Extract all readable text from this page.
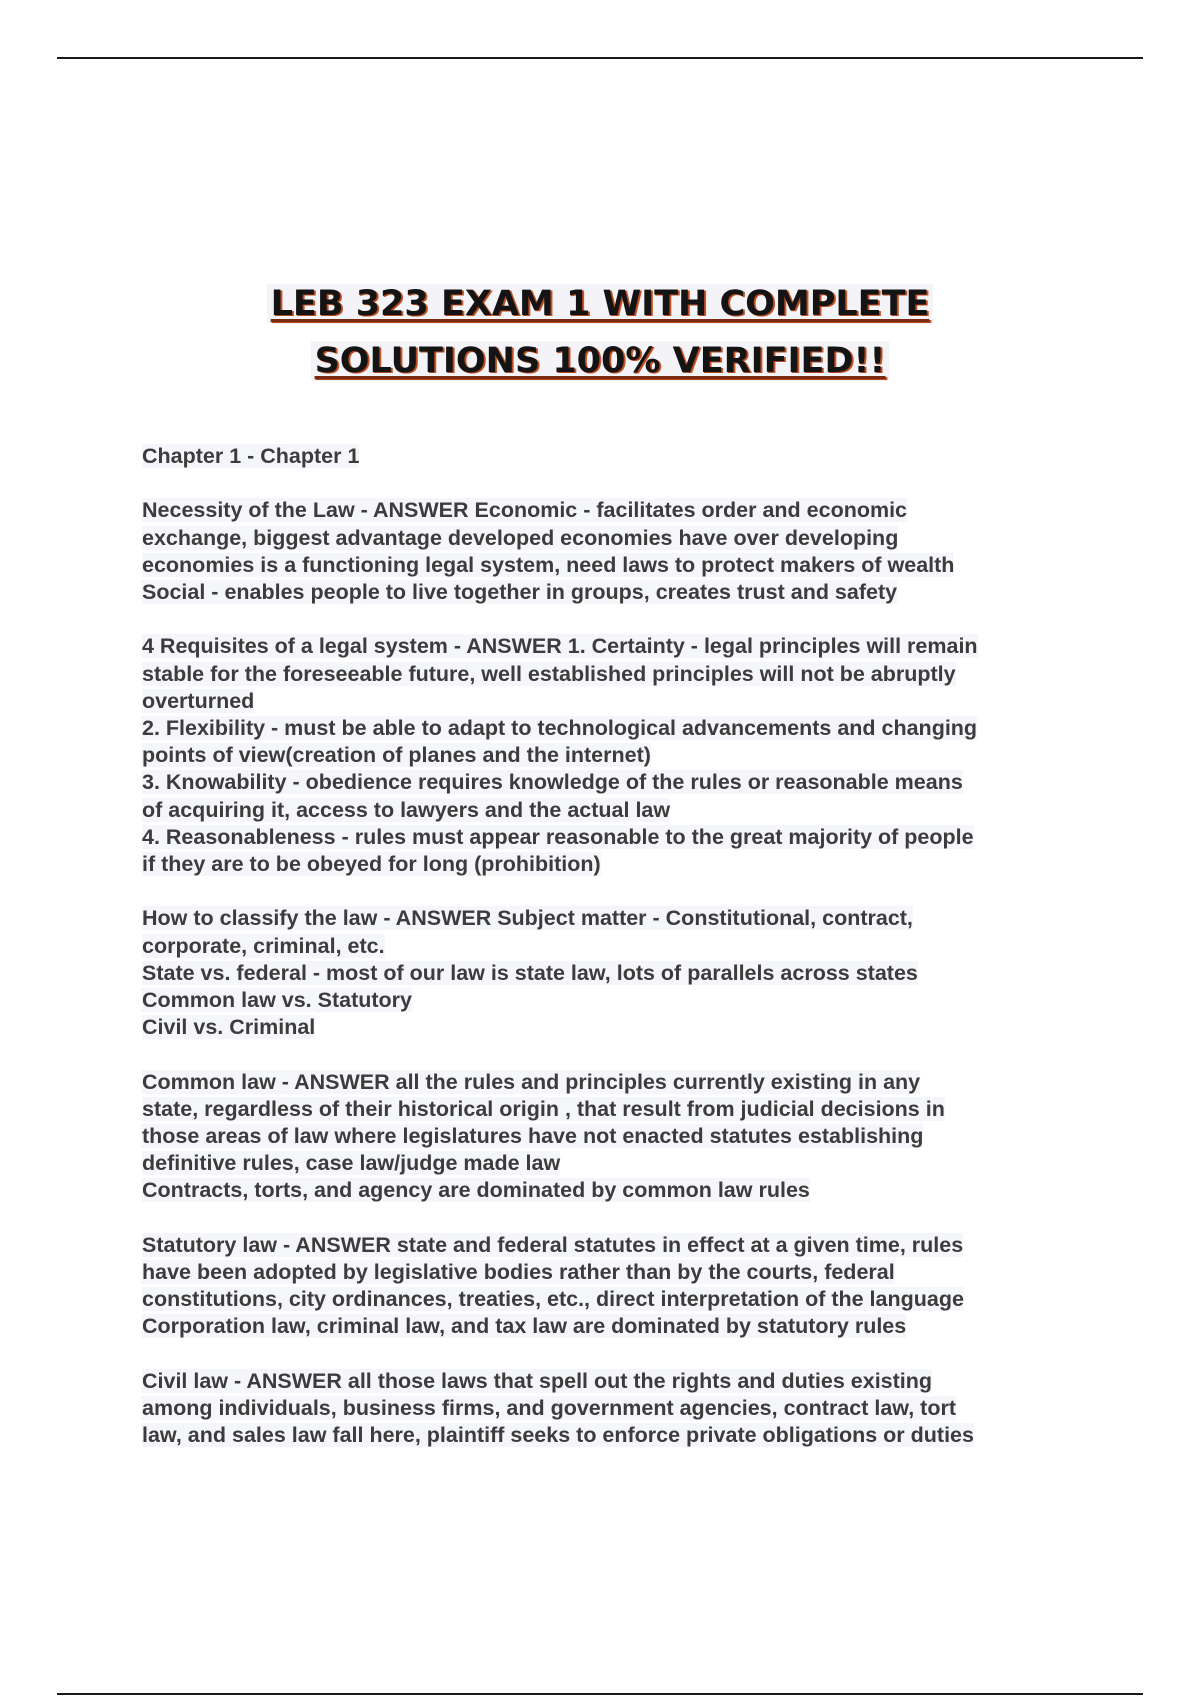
LEB 323 EXAM 1 WITH COMPLETE
SOLUTIONS 100% VERIFIED!!

Chapter 1 - Chapter 1

Necessity of the Law - ANSWER Economic - facilitates order and economic
exchange, biggest advantage developed economies have over developing
economies is a functioning legal system, need laws to protect makers of wealth
Social - enables people to live together in groups, creates trust and safety

4 Requisites of a legal system - ANSWER 1. Certainty - legal principles will remain
stable for the foreseeable future, well established principles will not be abruptly
overturned
2. Flexibility - must be able to adapt to technological advancements and changing
points of view(creation of planes and the internet)
3. Knowability - obedience requires knowledge of the rules or reasonable means
of acquiring it, access to lawyers and the actual law
4. Reasonableness - rules must appear reasonable to the great majority of people
if they are to be obeyed for long (prohibition)

How to classify the law - ANSWER Subject matter - Constitutional, contract,
corporate, criminal, etc.
State vs. federal - most of our law is state law, lots of parallels across states
Common law vs. Statutory
Civil vs. Criminal

Common law - ANSWER all the rules and principles currently existing in any
state, regardless of their historical origin , that result from judicial decisions in
those areas of law where legislatures have not enacted statutes establishing
definitive rules, case law/judge made law
Contracts, torts, and agency are dominated by common law rules

Statutory law - ANSWER state and federal statutes in effect at a given time, rules
have been adopted by legislative bodies rather than by the courts, federal
constitutions, city ordinances, treaties, etc., direct interpretation of the language
Corporation law, criminal law, and tax law are dominated by statutory rules

Civil law - ANSWER all those laws that spell out the rights and duties existing
among individuals, business firms, and government agencies, contract law, tort
law, and sales law fall here, plaintiff seeks to enforce private obligations or duties
